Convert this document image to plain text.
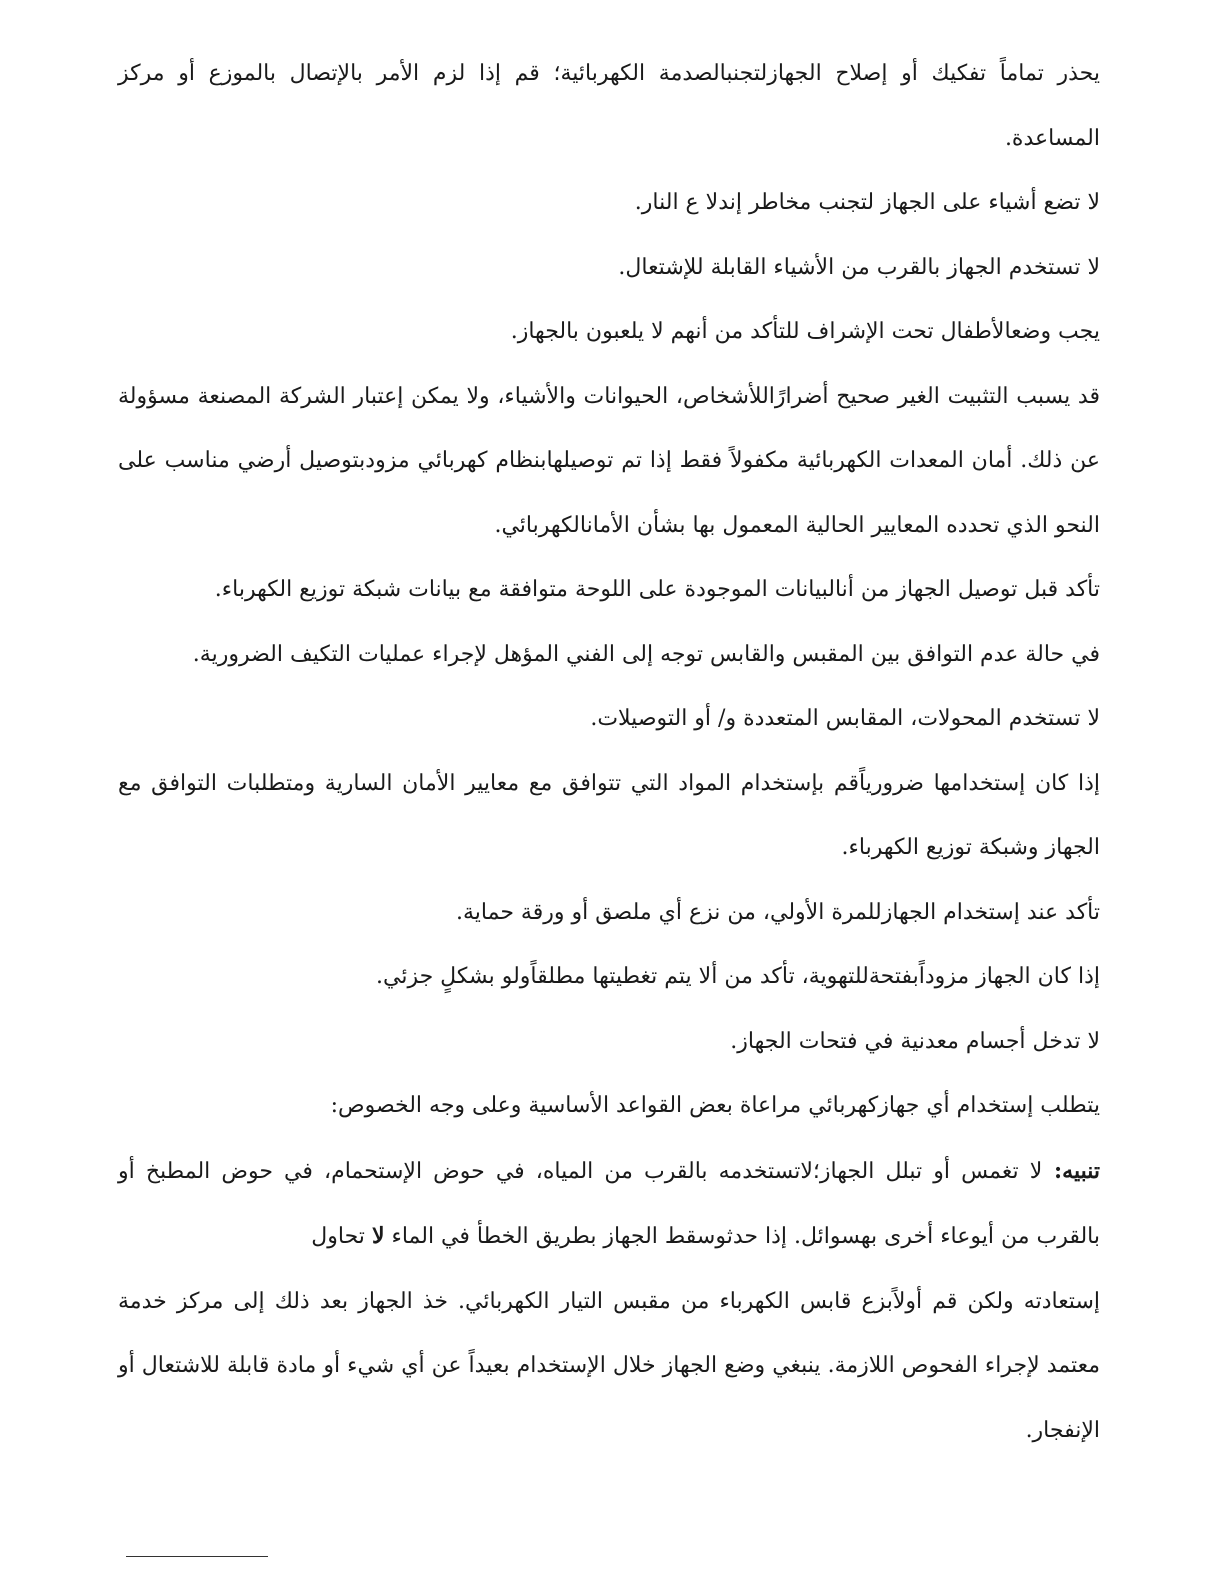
يحذر تماماً تفكيك أو إصلاح الجهازلتجنبالصدمة الكهربائية؛ قم إذا لزم الأمر بالإتصال بالموزع أو مركز المساعدة.

لا تضع أشياء على الجهاز لتجنب مخاطر إندلا ع النار.

لا تستخدم الجهاز بالقرب من الأشياء القابلة للإشتعال.

يجب وضعالأطفال تحت الإشراف للتأكد من أنهم لا يلعبون بالجهاز.

قد يسبب التثبيت الغير صحيح أضرارًاللأشخاص، الحيوانات والأشياء، ولا يمكن إعتبار الشركة المصنعة مسؤولة عن ذلك. أمان المعدات الكهربائية مكفولاً فقط إذا تم توصيلهابنظام كهربائي مزودبتوصيل أرضي مناسب على النحو الذي تحدده المعايير الحالية المعمول بها بشأن الأمانالكهربائي.

تأكد قبل توصيل الجهاز من أنالبيانات الموجودة على اللوحة متوافقة مع بيانات شبكة توزيع الكهرباء.

في حالة عدم التوافق بين المقبس والقابس توجه إلى الفني المؤهل لإجراء عمليات التكيف الضرورية.

لا تستخدم المحولات، المقابس المتعددة و/ أو التوصيلات.

إذا كان إستخدامها ضرورياًقم بإستخدام المواد التي تتوافق مع معايير الأمان السارية ومتطلبات التوافق مع الجهاز وشبكة توزيع الكهرباء.

تأكد عند إستخدام الجهازللمرة الأولي، من نزع أي ملصق أو ورقة حماية.

إذا كان الجهاز مزوداًبفتحةللتهوية، تأكد من ألا يتم تغطيتها مطلقاًولو بشكلٍ جزئي.

لا تدخل أجسام معدنية في فتحات الجهاز.

يتطلب إستخدام أي جهازكهربائي مراعاة بعض القواعد الأساسية وعلى وجه الخصوص:

تنبيه: لا تغمس أو تبلل الجهاز؛لاتستخدمه بالقرب من المياه، في حوض الإستحمام، في حوض المطبخ أو بالقرب من أيوعاء أخرى بهسوائل. إذا حدثوسقط الجهاز بطريق الخطأ في الماء لا تحاول

إستعادته ولكن قم أولاًبزع قابس الكهرباء من مقبس التيار الكهربائي. خذ الجهاز بعد ذلك إلى مركز خدمة معتمد لإجراء الفحوص اللازمة. ينبغي وضع الجهاز خلال الإستخدام بعيداً عن أي شيء أو مادة قابلة للاشتعال أو الإنفجار.
